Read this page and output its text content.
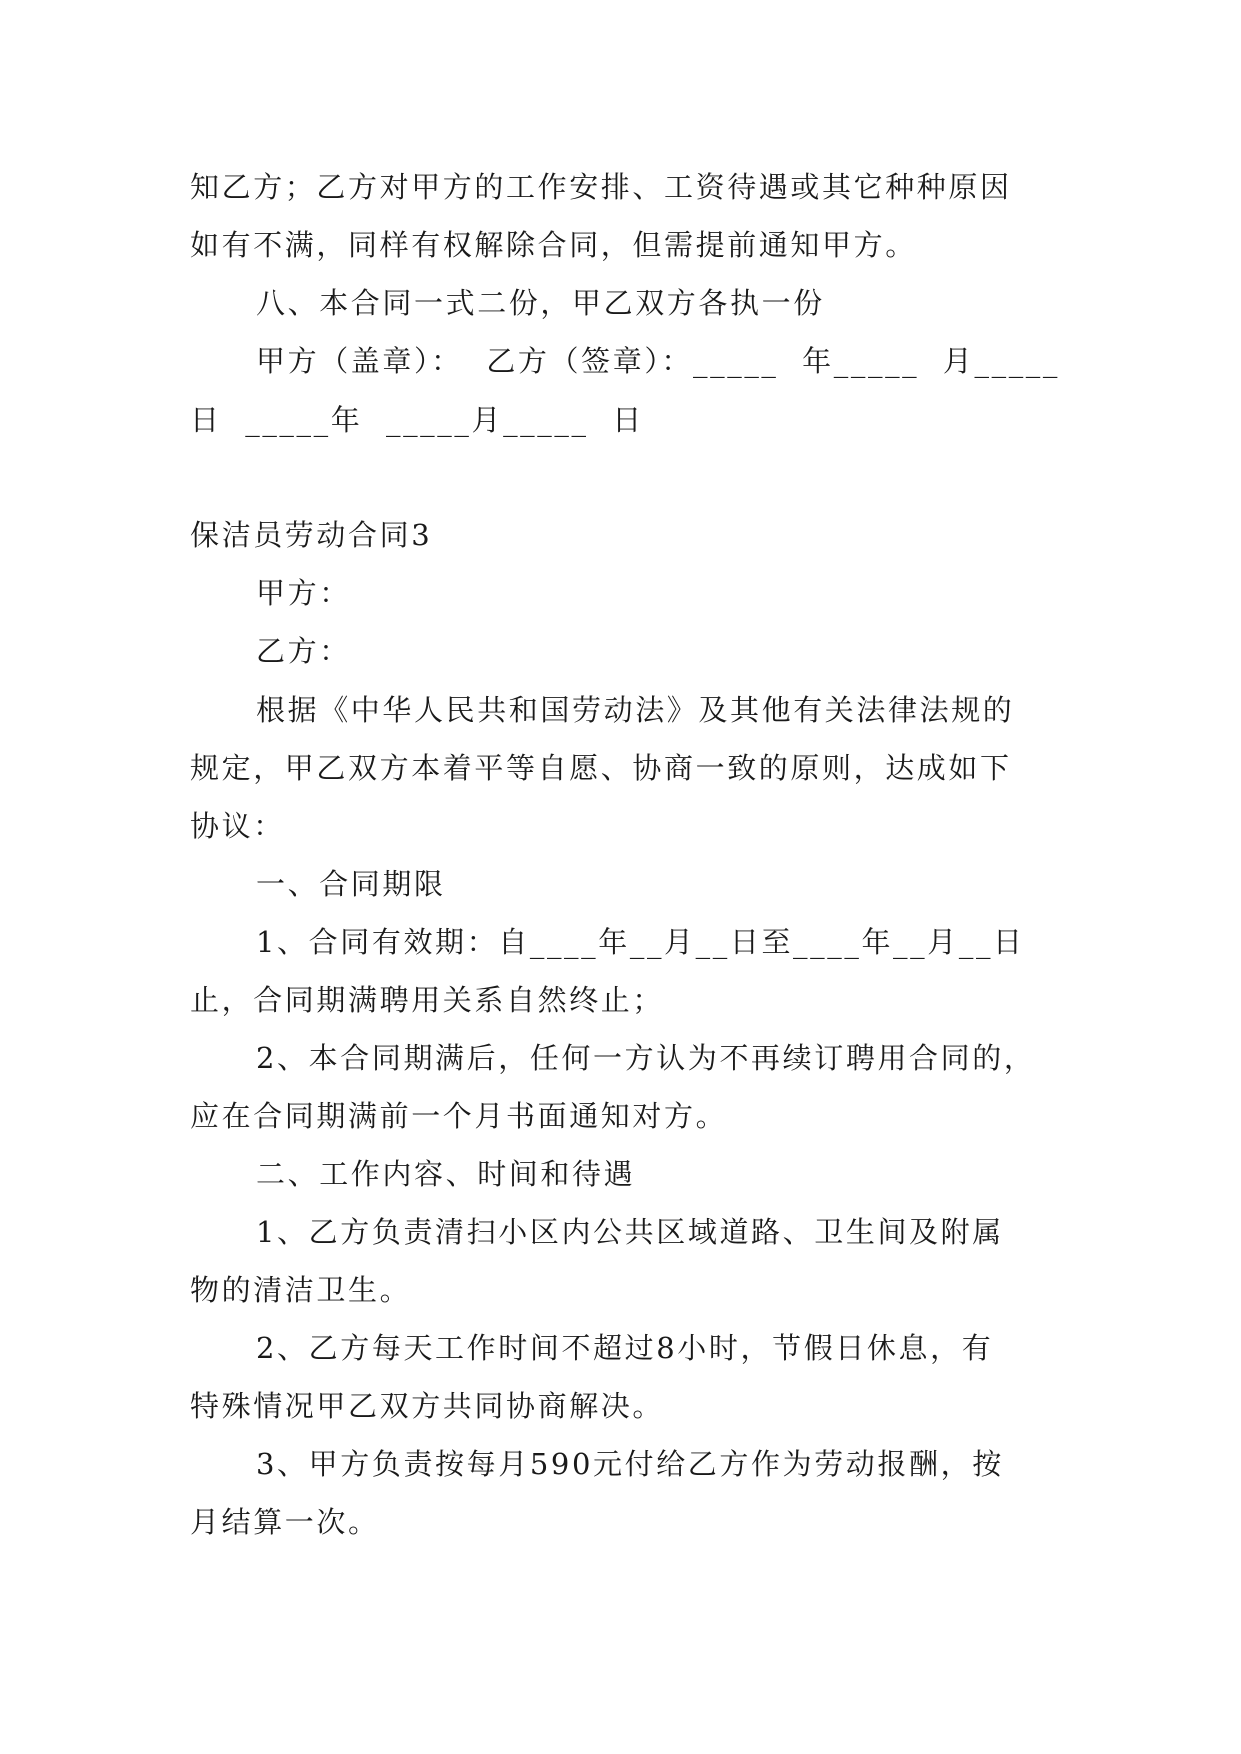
知乙方；乙方对甲方的工作安排、工资待遇或其它种种原因
如有不满，同样有权解除合同，但需提前通知甲方。
八、本合同一式二份，甲乙双方各执一份
甲方（盖章）：  乙方（签章）：_____  年_____  月_____
日  _____年  _____月_____  日
保洁员劳动合同3
甲方：
乙方：
根据《中华人民共和国劳动法》及其他有关法律法规的
规定，甲乙双方本着平等自愿、协商一致的原则，达成如下
协议：
一、合同期限
1、合同有效期：自____年__月__日至____年__月__日
止，合同期满聘用关系自然终止；
2、本合同期满后，任何一方认为不再续订聘用合同的，
应在合同期满前一个月书面通知对方。
二、工作内容、时间和待遇
1、乙方负责清扫小区内公共区域道路、卫生间及附属
物的清洁卫生。
2、乙方每天工作时间不超过8小时，节假日休息，有
特殊情况甲乙双方共同协商解决。
3、甲方负责按每月590元付给乙方作为劳动报酬，按
月结算一次。
